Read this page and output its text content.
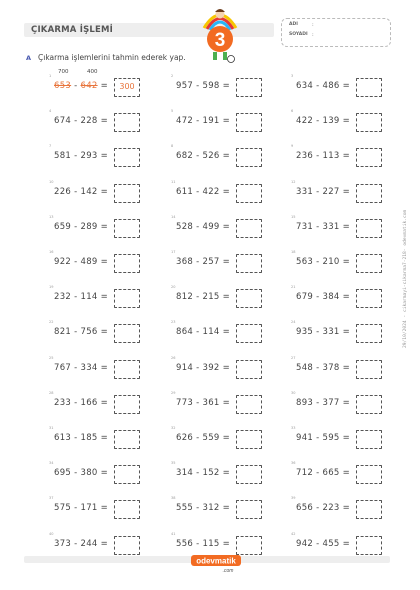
ÇIKARMA İŞLEMİ	3
ADI	:
SOYADI :
A Çıkarma işlemlerini tahmin ederek yap.
1
700	400
653 - 642 =	300
4
674 - 228 =
7
581 - 293 =
10
226 - 142 =
13
659 - 289 =
16
922 - 489 =
19
232 - 114 =
22
821 - 756 =
25
767 - 334 =
28
233 - 166 =
31
613 - 185 =
34
695 - 380 =
37
575 - 171 =
40
373 - 244 =
2
957 - 598 =
5
472 - 191 =
8
682 - 526 =
11
611 - 422 =
14
528 - 499 =
17
368 - 257 =
20
812 - 215 =
23
864 - 114 =
26
914 - 392 =
29
773 - 361 =
32
626 - 559 =
35
314 - 152 =
38
555 - 312 =
41
556 - 115 =
3
634 - 486 =
6
422 - 139 =
9
236 - 113 =
12
331 - 227 =
15
731 - 331 =
18
563 - 210 =
21
679 - 384 =
24
935 - 331 =
27
548 - 378 =
30
893 - 377 =
33
941 - 595 =
36
712 - 665 =
39
656 - 223 =
42
942 - 455 =
29/10/2024 - cikarmayi-cikarma7-218- odevmatik.com
odevmatik
.com
